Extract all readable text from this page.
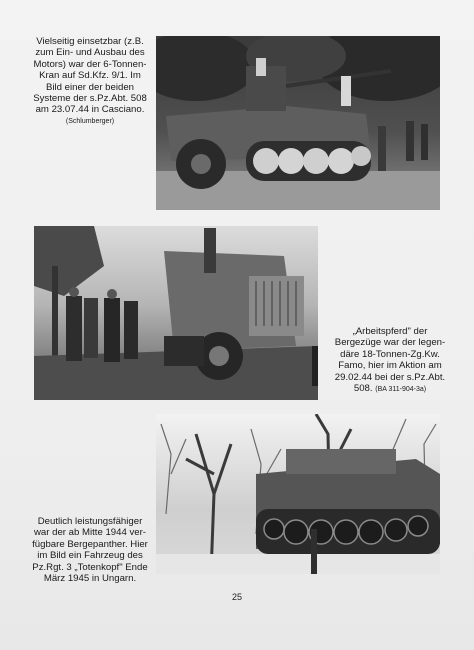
Vielseitig einsetzbar (z.B.
zum Ein- und Ausbau des
Motors) war der 6-Tonnen-
Kran auf Sd.Kfz. 9/1. Im
Bild einer der beiden
Systeme der s.Pz.Abt. 508
am 23.07.44 in Casciano.
(Schlumberger)
„Arbeitspferd" der
Bergezüge war der legen-
däre 18-Tonnen-Zg.Kw.
Famo, hier im Aktion am
29.02.44 bei der s.Pz.Abt.
508. (BA 311-904-3a)
Deutlich leistungsfähiger
war der ab Mitte 1944 ver-
fügbare Bergepanther. Hier
im Bild ein Fahrzeug des
Pz.Rgt. 3 „Totenkopf" Ende
März 1945 in Ungarn.
25
